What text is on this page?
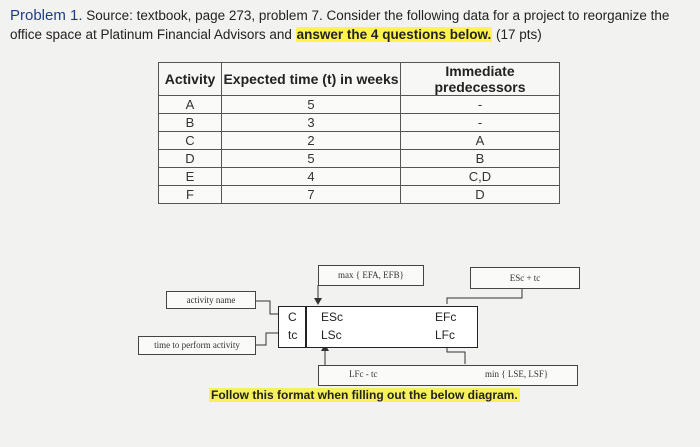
Problem 1. Source: textbook, page 273, problem 7. Consider the following data for a project to reorganize the office space at Platinum Financial Advisors and answer the 4 questions below. (17 pts)
Activity	Expected time (t) in weeks	Immediate predecessors
A	5	-
B	3	-
C	2	A
D	5	B
E	4	C,D
F	7	D
max { EFA, EFB}	ESc + tc
activity name
time to perform activity
C
tc
ESc
LSc
EFc
LFc
LFc - tc	min { LSE, LSF}
Follow this format when filling out the below diagram.
